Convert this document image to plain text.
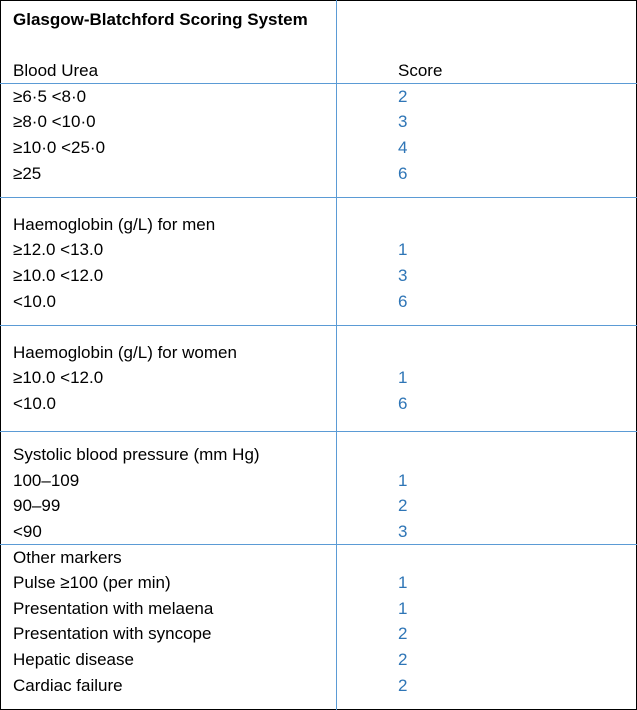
Glasgow-Blatchford Scoring System
Blood Urea	Score
≥6·5 <8·0	2
≥8·0 <10·0	3
≥10·0 <25·0	4
≥25	6
Haemoglobin (g/L) for men
≥12.0 <13.0	1
≥10.0 <12.0	3
<10.0	6
Haemoglobin (g/L) for women
≥10.0 <12.0	1
<10.0	6
Systolic blood pressure (mm Hg)
100–109	1
90–99	2
<90	3
Other markers
Pulse ≥100 (per min)	1
Presentation with melaena	1
Presentation with syncope	2
Hepatic disease	2
Cardiac failure	2
